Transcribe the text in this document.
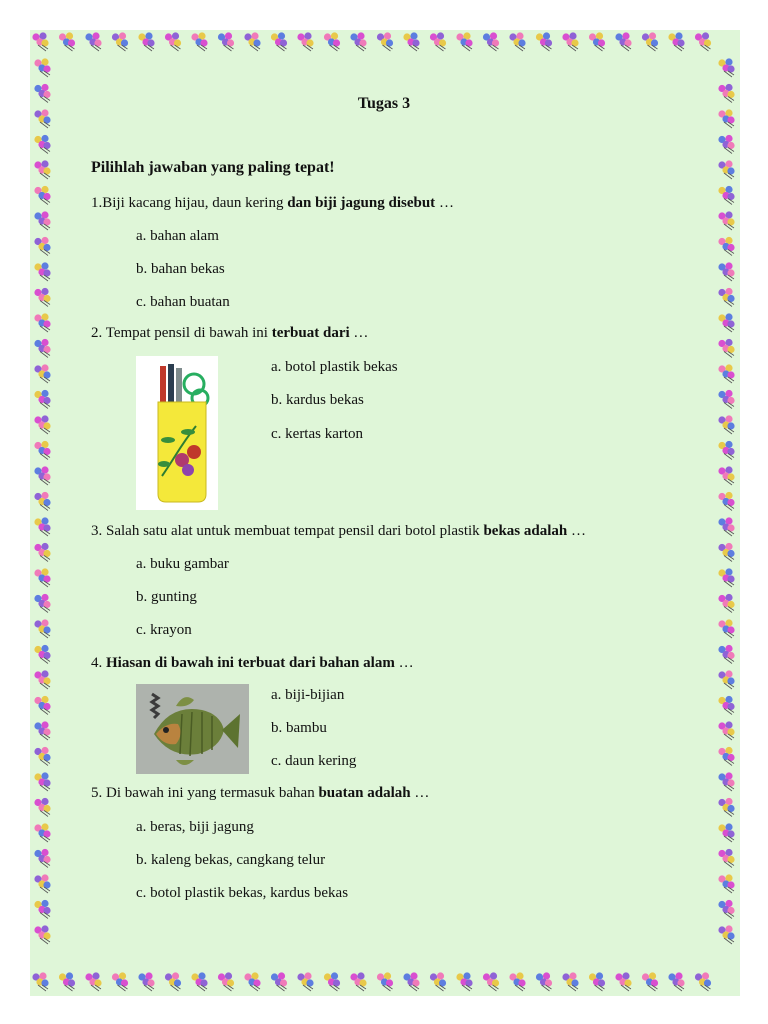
Tugas 3
Pilihlah jawaban yang paling tepat!
1.Biji kacang hijau, daun kering dan biji jagung disebut …
a. bahan alam
b. bahan bekas
c. bahan buatan
2. Tempat pensil di bawah ini terbuat dari …
a. botol plastik bekas
b. kardus bekas
c. kertas karton
3. Salah satu alat untuk membuat tempat pensil dari botol plastik bekas adalah …
a. buku gambar
b. gunting
c. krayon
4. Hiasan di bawah ini terbuat dari bahan alam …
a. biji-bijian
b. bambu
c. daun kering
5. Di bawah ini yang termasuk bahan buatan adalah …
a. beras, biji jagung
b. kaleng bekas, cangkang telur
c. botol plastik bekas, kardus bekas
